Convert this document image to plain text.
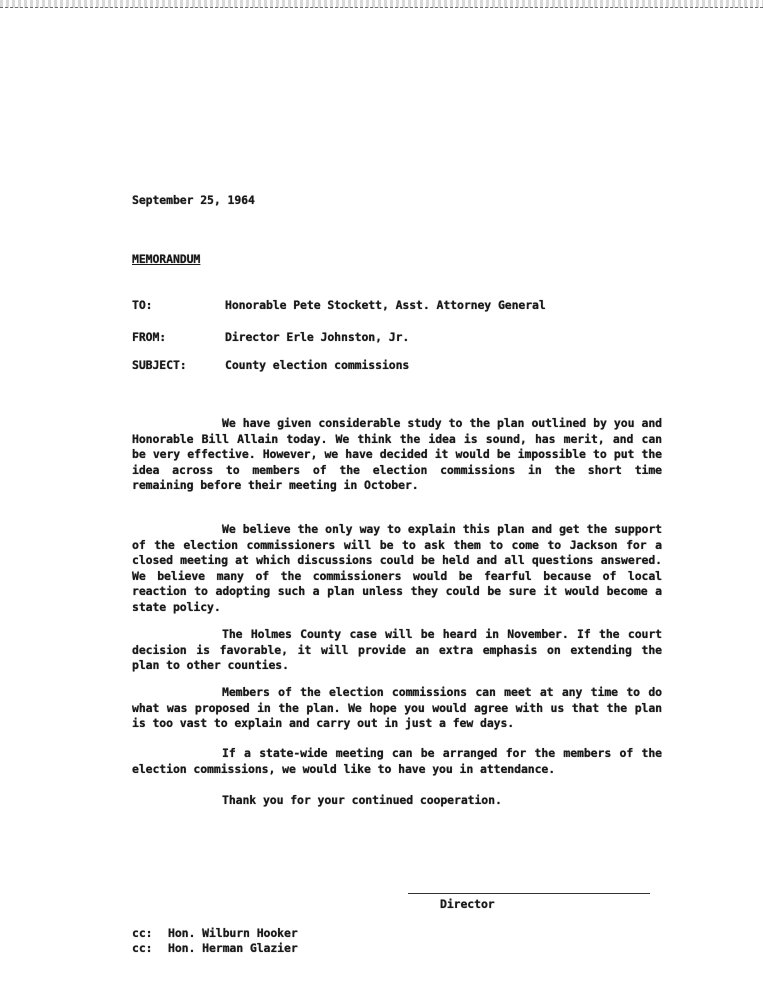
September 25, 1964
MEMORANDUM
TO:	Honorable Pete Stockett, Asst. Attorney General
FROM:	Director Erle Johnston, Jr.
SUBJECT:	County election commissions

We have given considerable study to the plan outlined by you and Honorable Bill Allain today. We think the idea is sound, has merit, and can be very effective. However, we have decided it would be impossible to put the idea across to members of the election commissions in the short time remaining before their meeting in October.

We believe the only way to explain this plan and get the support of the election commissioners will be to ask them to come to Jackson for a closed meeting at which discussions could be held and all questions answered. We believe many of the commissioners would be fearful because of local reaction to adopting such a plan unless they could be sure it would become a state policy.

The Holmes County case will be heard in November. If the court decision is favorable, it will provide an extra emphasis on extending the plan to other counties.

Members of the election commissions can meet at any time to do what was proposed in the plan. We hope you would agree with us that the plan is too vast to explain and carry out in just a few days.

If a state-wide meeting can be arranged for the members of the election commissions, we would like to have you in attendance.

Thank you for your continued cooperation.
Director
cc: Hon. Wilburn Hooker
cc: Hon. Herman Glazier
